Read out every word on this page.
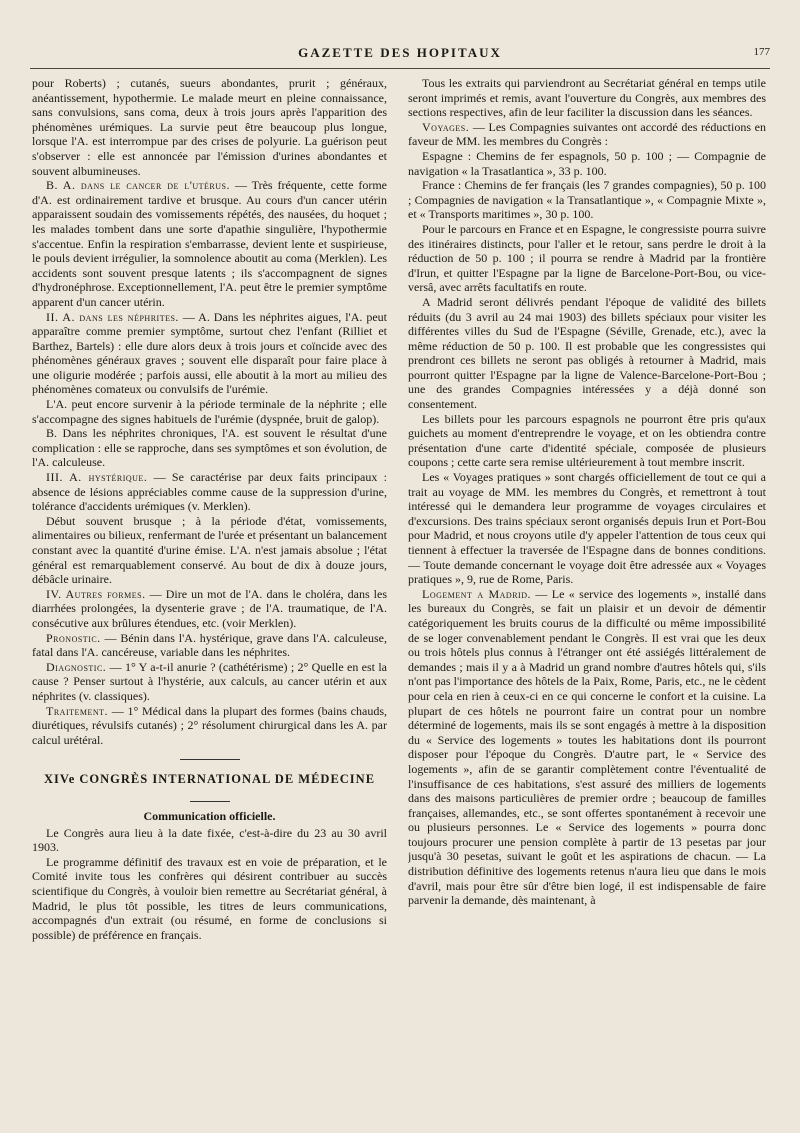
GAZETTE DES HOPITAUX	177

pour Roberts) ; cutanés, sueurs abondantes, prurit ; généraux, anéantissement, hypothermie. Le malade meurt en pleine connaissance, sans convulsions, sans coma, deux à trois jours après l'apparition des phénomènes urémiques. La survie peut être beaucoup plus longue, lorsque l'A. est interrompue par des crises de polyurie. La guérison peut s'observer : elle est annoncée par l'émission d'urines abondantes et souvent albumineuses.

B. A. dans le cancer de l'utérus. — Très fréquente, cette forme d'A. est ordinairement tardive et brusque. Au cours d'un cancer utérin apparaissent soudain des vomissements répétés, des nausées, du hoquet ; les malades tombent dans une sorte d'apathie singulière, l'hypothermie s'accentue. Enfin la respiration s'embarrasse, devient lente et suspirieuse, le pouls devient irrégulier, la somnolence aboutit au coma (Merklen). Les accidents sont souvent presque latents ; ils s'accompagnent de signes d'hydronéphrose. Exceptionnellement, l'A. peut être le premier symptôme apparent d'un cancer utérin.

II. A. dans les néphrites. — A. Dans les néphrites aigues, l'A. peut apparaître comme premier symptôme, surtout chez l'enfant (Rilliet et Barthez, Bartels) : elle dure alors deux à trois jours et coïncide avec des phénomènes généraux graves ; souvent elle disparaît pour faire place à une oligurie modérée ; parfois aussi, elle aboutit à la mort au milieu des phénomènes comateux ou convulsifs de l'urémie.

L'A. peut encore survenir à la période terminale de la néphrite ; elle s'accompagne des signes habituels de l'urémie (dyspnée, bruit de galop).

B. Dans les néphrites chroniques, l'A. est souvent le résultat d'une complication : elle se rapproche, dans ses symptômes et son évolution, de l'A. calculeuse.

III. A. hystérique. — Se caractérise par deux faits principaux : absence de lésions appréciables comme cause de la suppression d'urine, tolérance d'accidents urémiques (v. Merklen).

Début souvent brusque ; à la période d'état, vomissements, alimentaires ou bilieux, renfermant de l'urée et présentant un balancement constant avec la quantité d'urine émise. L'A. n'est jamais absolue ; l'état général est remarquablement conservé. Au bout de dix à douze jours, débâcle urinaire.

IV. Autres formes. — Dire un mot de l'A. dans le choléra, dans les diarrhées prolongées, la dysenterie grave ; de l'A. traumatique, de l'A. consécutive aux brûlures étendues, etc. (voir Merklen).

Pronostic. — Bénin dans l'A. hystérique, grave dans l'A. calculeuse, fatal dans l'A. cancéreuse, variable dans les néphrites.

Diagnostic. — 1° Y a-t-il anurie ? (cathétérisme) ; 2° Quelle en est la cause ? Penser surtout à l'hystérie, aux calculs, au cancer utérin et aux néphrites (v. classiques).

Traitement. — 1° Médical dans la plupart des formes (bains chauds, diurétiques, révulsifs cutanés) ; 2° résolument chirurgical dans les A. par calcul urétéral.

XIVe CONGRÈS INTERNATIONAL DE MÉDECINE
Communication officielle.

Le Congrès aura lieu à la date fixée, c'est-à-dire du 23 au 30 avril 1903.

Le programme définitif des travaux est en voie de préparation, et le Comité invite tous les confrères qui désirent contribuer au succès scientifique du Congrès, à vouloir bien remettre au Secrétariat général, à Madrid, le plus tôt possible, les titres de leurs communications, accompagnés d'un extrait (ou résumé, en forme de conclusions si possible) de préférence en français.

Tous les extraits qui parviendront au Secrétariat général en temps utile seront imprimés et remis, avant l'ouverture du Congrès, aux membres des sections respectives, afin de leur faciliter la discussion dans les séances.

Voyages. — Les Compagnies suivantes ont accordé des réductions en faveur de MM. les membres du Congrès :

Espagne : Chemins de fer espagnols, 50 p. 100 ; — Compagnie de navigation « la Trasatlantica », 33 p. 100.

France : Chemins de fer français (les 7 grandes compagnies), 50 p. 100 ; Compagnies de navigation « la Transatlantique », « Compagnie Mixte », et « Transports maritimes », 30 p. 100.

Pour le parcours en France et en Espagne, le congressiste pourra suivre des itinéraires distincts, pour l'aller et le retour, sans perdre le droit à la réduction de 50 p. 100 ; il pourra se rendre à Madrid par la frontière d'Irun, et quitter l'Espagne par la ligne de Barcelone-Port-Bou, ou vice-versâ, avec arrêts facultatifs en route.

A Madrid seront délivrés pendant l'époque de validité des billets réduits (du 3 avril au 24 mai 1903) des billets spéciaux pour visiter les différentes villes du Sud de l'Espagne (Séville, Grenade, etc.), avec la même réduction de 50 p. 100. Il est probable que les congressistes qui prendront ces billets ne seront pas obligés à retourner à Madrid, mais pourront quitter l'Espagne par la ligne de Valence-Barcelone-Port-Bou ; une des grandes Compagnies intéressées y a déjà donné son consentement.

Les billets pour les parcours espagnols ne pourront être pris qu'aux guichets au moment d'entreprendre le voyage, et on les obtiendra contre présentation d'une carte d'identité spéciale, composée de plusieurs coupons ; cette carte sera remise ultérieurement à tout membre inscrit.

Les « Voyages pratiques » sont chargés officiellement de tout ce qui a trait au voyage de MM. les membres du Congrès, et remettront à tout intéressé qui le demandera leur programme de voyages circulaires et d'excursions. Des trains spéciaux seront organisés depuis Irun et Port-Bou pour Madrid, et nous croyons utile d'y appeler l'attention de tous ceux qui tiennent à effectuer la traversée de l'Espagne dans de bonnes conditions. — Toute demande concernant le voyage doit être adressée aux « Voyages pratiques », 9, rue de Rome, Paris.

Logement a Madrid. — Le « service des logements », installé dans les bureaux du Congrès, se fait un plaisir et un devoir de démentir catégoriquement les bruits courus de la difficulté ou même impossibilité de se loger convenablement pendant le Congrès. Il est vrai que les deux ou trois hôtels plus connus à l'étranger ont été assiégés littéralement de demandes ; mais il y a à Madrid un grand nombre d'autres hôtels qui, s'ils n'ont pas l'importance des hôtels de la Paix, Rome, Paris, etc., ne le cèdent pour cela en rien à ceux-ci en ce qui concerne le confort et la cuisine. La plupart de ces hôtels ne pourront faire un contrat pour un nombre déterminé de logements, mais ils se sont engagés à mettre à la disposition du « Service des logements » toutes les habitations dont ils pourront disposer pour l'époque du Congrès. D'autre part, le « Service des logements », afin de se garantir complètement contre l'éventualité de l'insuffisance de ces habitations, s'est assuré des milliers de logements dans des maisons particulières de premier ordre ; beaucoup de familles françaises, allemandes, etc., se sont offertes spontanément à recevoir une ou plusieurs personnes. Le « Service des logements » pourra donc toujours procurer une pension complète à partir de 13 pesetas par jour jusqu'à 30 pesetas, suivant le goût et les aspirations de chacun. — La distribution définitive des logements retenus n'aura lieu que dans le mois d'avril, mais pour être sûr d'être bien logé, il est indispensable de faire parvenir la demande, dès maintenant, à
